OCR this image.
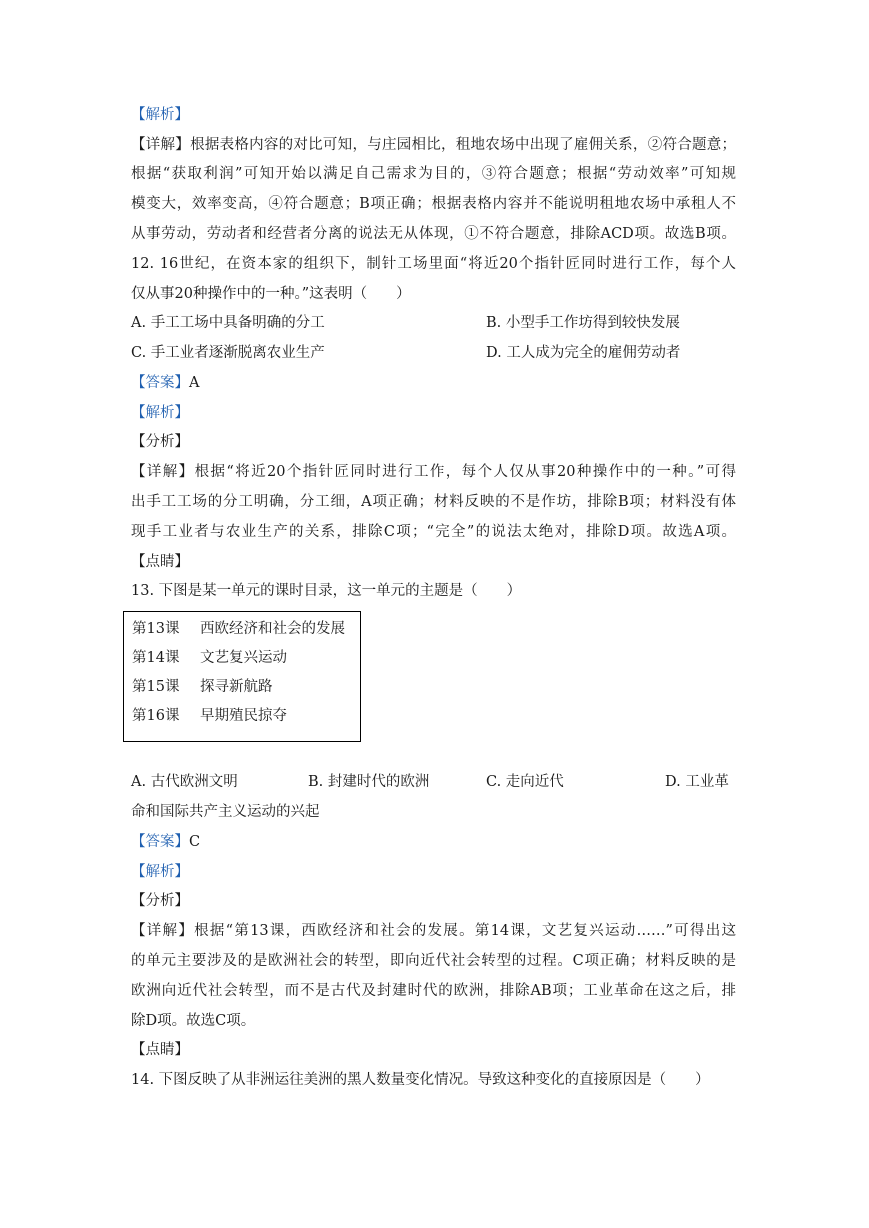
【解析】
【详解】根据表格内容的对比可知，与庄园相比，租地农场中出现了雇佣关系，②符合题意；
根据“获取利润”可知开始以满足自己需求为目的，③符合题意；根据“劳动效率”可知规
模变大，效率变高，④符合题意；B项正确；根据表格内容并不能说明租地农场中承租人不
从事劳动，劳动者和经营者分离的说法无从体现，①不符合题意，排除ACD项。故选B项。
12. 16世纪，在资本家的组织下，制针工场里面“将近20个指针匠同时进行工作，每个人
仅从事20种操作中的一种。”这表明（　　）
A. 手工工场中具备明确的分工	B. 小型手工作坊得到较快发展
C. 手工业者逐渐脱离农业生产	D. 工人成为完全的雇佣劳动者
【答案】A
【解析】
【分析】
【详解】根据“将近20个指针匠同时进行工作，每个人仅从事20种操作中的一种。”可得
出手工工场的分工明确，分工细，A项正确；材料反映的不是作坊，排除B项；材料没有体
现手工业者与农业生产的关系，排除C项；“完全”的说法太绝对，排除D项。故选A项。
【点睛】
13. 下图是某一单元的课时目录，这一单元的主题是（　　）
第13课 西欧经济和社会的发展
第14课 文艺复兴运动
第15课 探寻新航路
第16课 早期殖民掠夺
A. 古代欧洲文明	B. 封建时代的欧洲	C. 走向近代	D. 工业革
命和国际共产主义运动的兴起
【答案】C
【解析】
【分析】
【详解】根据“第13课，西欧经济和社会的发展。第14课，文艺复兴运动……”可得出这
的单元主要涉及的是欧洲社会的转型，即向近代社会转型的过程。C项正确；材料反映的是
欧洲向近代社会转型，而不是古代及封建时代的欧洲，排除AB项；工业革命在这之后，排
除D项。故选C项。
【点睛】
14. 下图反映了从非洲运往美洲的黑人数量变化情况。导致这种变化的直接原因是（　　）
